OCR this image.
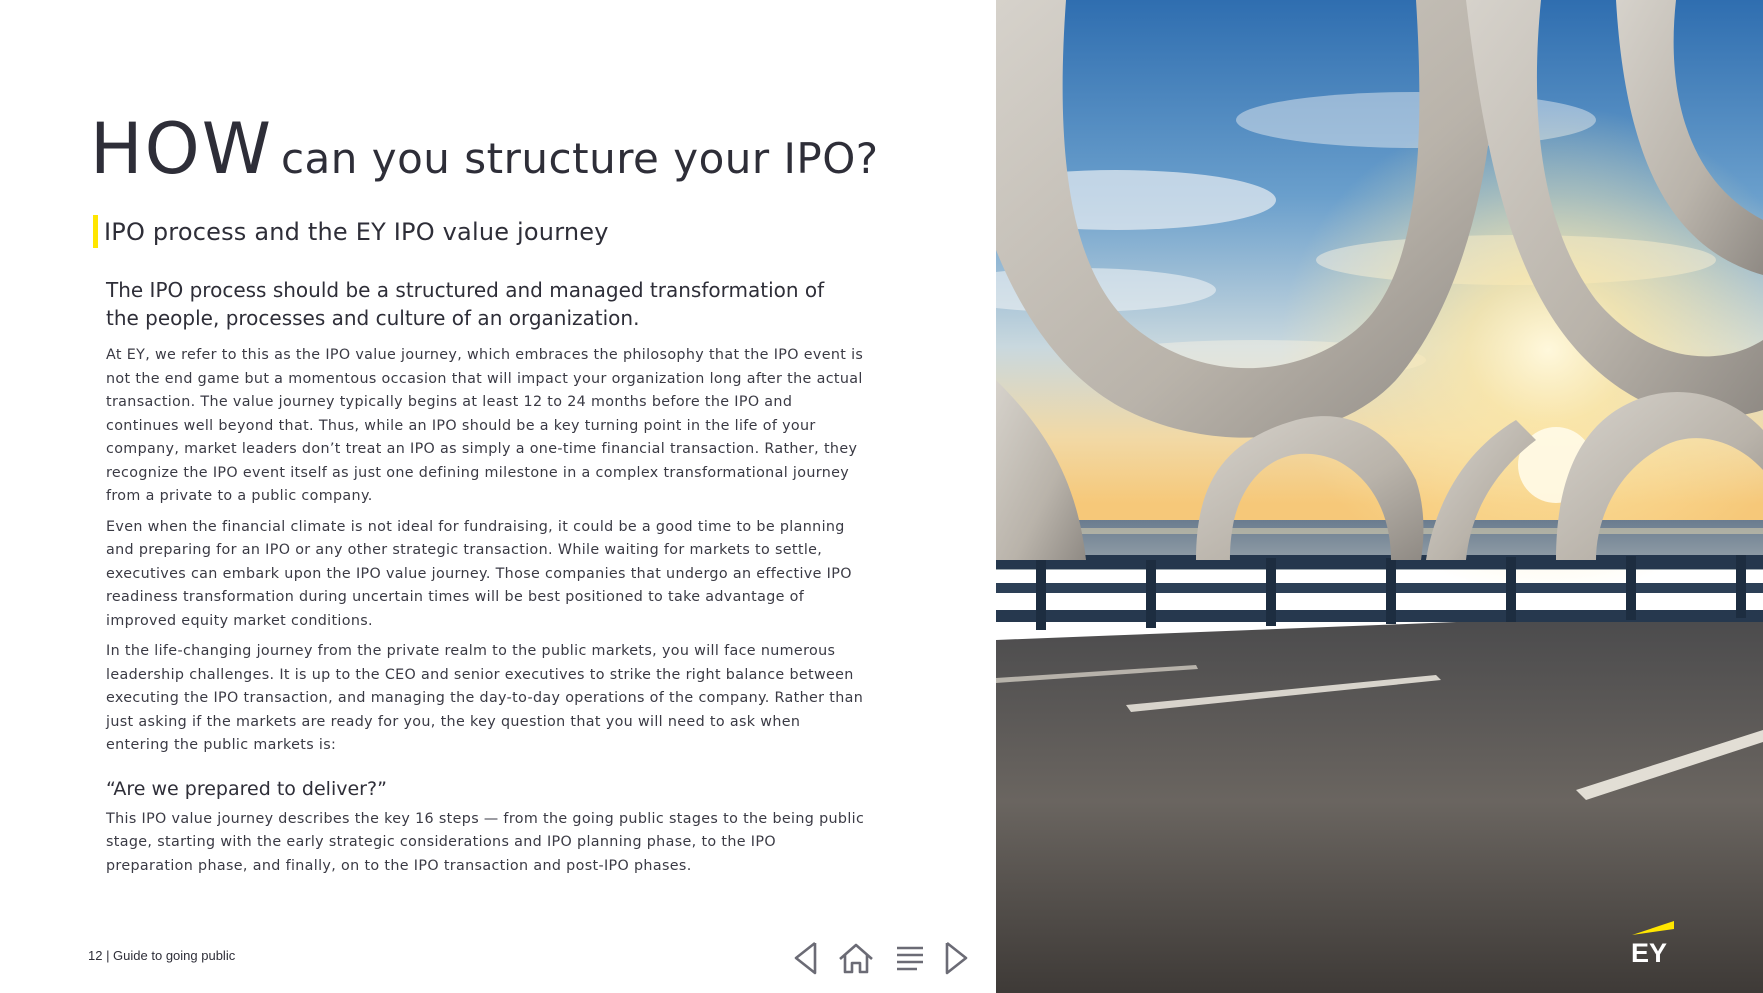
HOW can you structure your IPO?
IPO process and the EY IPO value journey

The IPO process should be a structured and managed transformation of the people, processes and culture of an organization.

At EY, we refer to this as the IPO value journey, which embraces the philosophy that the IPO event is not the end game but a momentous occasion that will impact your organization long after the actual transaction. The value journey typically begins at least 12 to 24 months before the IPO and continues well beyond that. Thus, while an IPO should be a key turning point in the life of your company, market leaders don’t treat an IPO as simply a one-time financial transaction. Rather, they recognize the IPO event itself as just one defining milestone in a complex transformational journey from a private to a public company.

Even when the financial climate is not ideal for fundraising, it could be a good time to be planning and preparing for an IPO or any other strategic transaction. While waiting for markets to settle, executives can embark upon the IPO value journey. Those companies that undergo an effective IPO readiness transformation during uncertain times will be best positioned to take advantage of improved equity market conditions.

In the life-changing journey from the private realm to the public markets, you will face numerous leadership challenges. It is up to the CEO and senior executives to strike the right balance between executing the IPO transaction, and managing the day-to-day operations of the company. Rather than just asking if the markets are ready for you, the key question that you will need to ask when entering the public markets is:

“Are we prepared to deliver?”

This IPO value journey describes the key 16 steps — from the going public stages to the being public stage, starting with the early strategic considerations and IPO planning phase, to the IPO preparation phase, and finally, on to the IPO transaction and post-IPO phases.

12 | Guide to going public	EY
